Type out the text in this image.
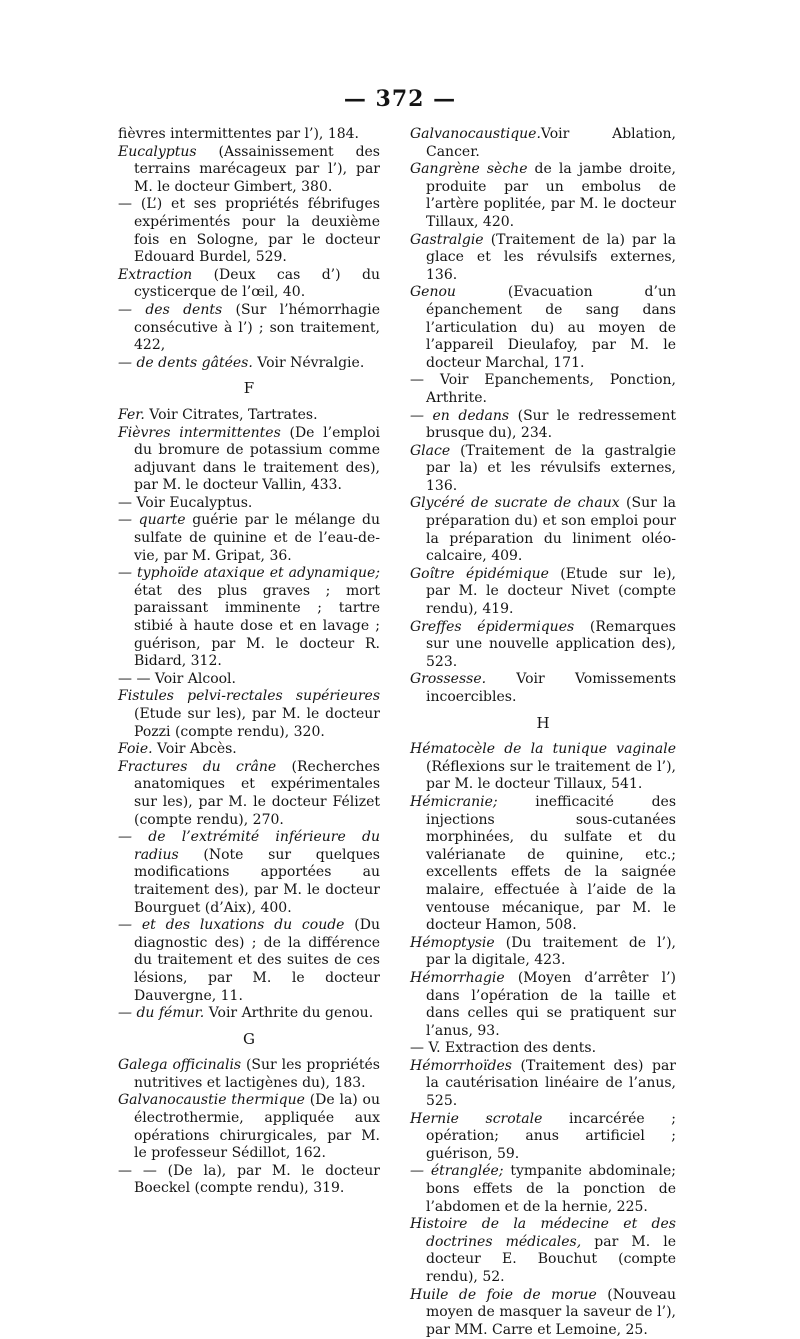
— 372 —

fièvres intermittentes par l’), 184.

Eucalyptus (Assainissement des terrains marécageux par l’), par M. le docteur Gimbert, 380.

— (L’) et ses propriétés fébrifuges expérimentés pour la deuxième fois en Sologne, par le docteur Edouard Burdel, 529.

Extraction (Deux cas d’) du cysticerque de l’œil, 40.

— des dents (Sur l’hémorrhagie consécutive à l’) ; son traitement, 422,

— de dents gâtées. Voir Névralgie.

F

Fer. Voir Citrates, Tartrates.

Fièvres intermittentes (De l’emploi du bromure de potassium comme adjuvant dans le traitement des), par M. le docteur Vallin, 433.

— Voir Eucalyptus.

— quarte guérie par le mélange du sulfate de quinine et de l’eau-de-vie, par M. Gripat, 36.

— typhoïde ataxique et adynamique; état des plus graves ; mort paraissant imminente ; tartre stibié à haute dose et en lavage ; guérison, par M. le docteur R. Bidard, 312.

— — Voir Alcool.

Fistules pelvi-rectales supérieures (Etude sur les), par M. le docteur Pozzi (compte rendu), 320.

Foie. Voir Abcès.

Fractures du crâne (Recherches anatomiques et expérimentales sur les), par M. le docteur Félizet (compte rendu), 270.

— de l’extrémité inférieure du radius (Note sur quelques modifications apportées au traitement des), par M. le docteur Bourguet (d’Aix), 400.

— et des luxations du coude (Du diagnostic des) ; de la différence du traitement et des suites de ces lésions, par M. le docteur Dauvergne, 11.

— du fémur. Voir Arthrite du genou.

G

Galega officinalis (Sur les propriétés nutritives et lactigènes du), 183.

Galvanocaustie thermique (De la) ou électrothermie, appliquée aux opérations chirurgicales, par M. le professeur Sédillot, 162.

— — (De la), par M. le docteur Boeckel (compte rendu), 319.

Galvanocaustique.Voir Ablation, Cancer.

Gangrène sèche de la jambe droite, produite par un embolus de l’artère poplitée, par M. le docteur Tillaux, 420.

Gastralgie (Traitement de la) par la glace et les révulsifs externes, 136.

Genou (Evacuation d’un épanchement de sang dans l’articulation du) au moyen de l’appareil Dieulafoy, par M. le docteur Marchal, 171.

— Voir Epanchements, Ponction, Arthrite.

— en dedans (Sur le redressement brusque du), 234.

Glace (Traitement de la gastralgie par la) et les révulsifs externes, 136.

Glycéré de sucrate de chaux (Sur la préparation du) et son emploi pour la préparation du liniment oléo-calcaire, 409.

Goître épidémique (Etude sur le), par M. le docteur Nivet (compte rendu), 419.

Greffes épidermiques (Remarques sur une nouvelle application des), 523.

Grossesse. Voir Vomissements incoercibles.

H

Hématocèle de la tunique vaginale (Réflexions sur le traitement de l’), par M. le docteur Tillaux, 541.

Hémicranie; inefficacité des injections sous-cutanées morphinées, du sulfate et du valérianate de quinine, etc.; excellents effets de la saignée malaire, effectuée à l’aide de la ventouse mécanique, par M. le docteur Hamon, 508.

Hémoptysie (Du traitement de l’), par la digitale, 423.

Hémorrhagie (Moyen d’arrêter l’) dans l’opération de la taille et dans celles qui se pratiquent sur l’anus, 93.

— V. Extraction des dents.

Hémorrhoïdes (Traitement des) par la cautérisation linéaire de l’anus, 525.

Hernie scrotale incarcérée ; opération; anus artificiel ; guérison, 59.

— étranglée; tympanite abdominale; bons effets de la ponction de l’abdomen et de la hernie, 225.

Histoire de la médecine et des doctrines médicales, par M. le docteur E. Bouchut (compte rendu), 52.

Huile de foie de morue (Nouveau moyen de masquer la saveur de l’), par MM. Carre et Lemoine, 25.
